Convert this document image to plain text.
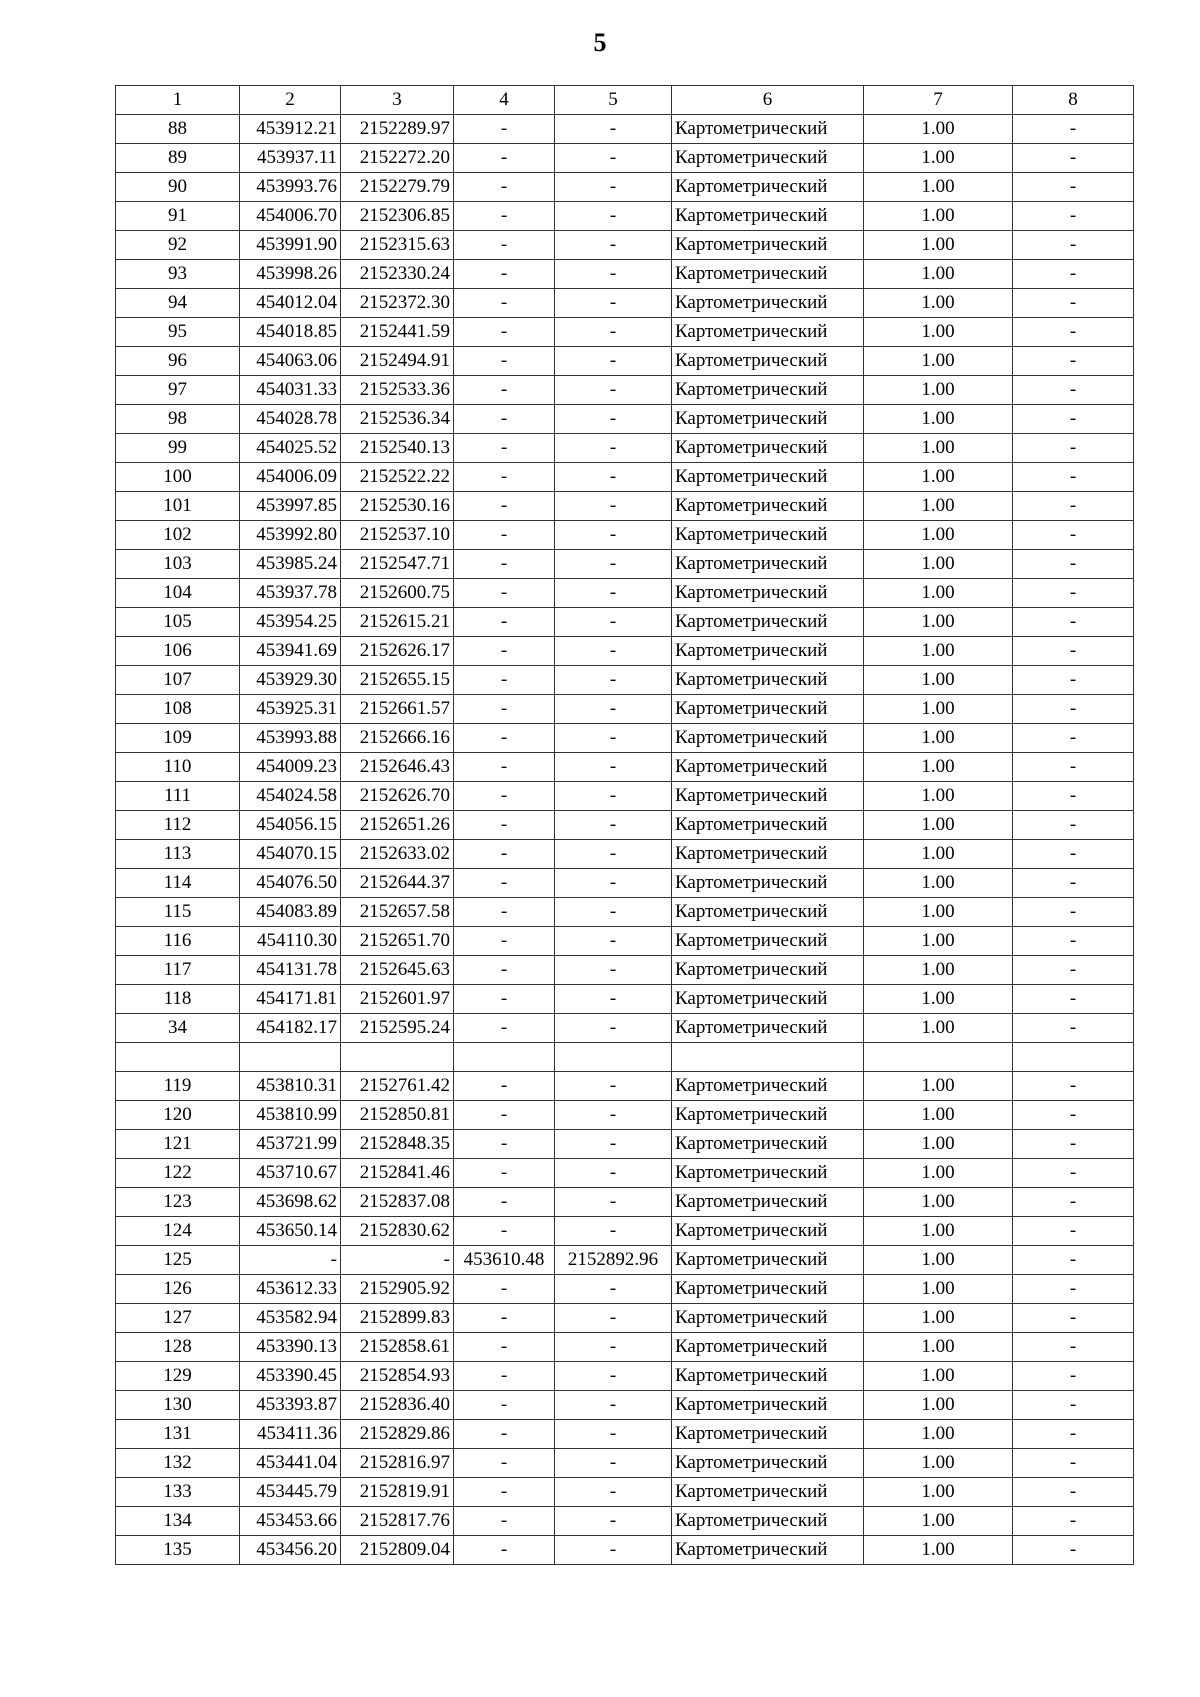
5
1	2	3	4	5	6	7	8
88	453912.21	2152289.97	-	-	Картометрический	1.00	-
89	453937.11	2152272.20	-	-	Картометрический	1.00	-
90	453993.76	2152279.79	-	-	Картометрический	1.00	-
91	454006.70	2152306.85	-	-	Картометрический	1.00	-
92	453991.90	2152315.63	-	-	Картометрический	1.00	-
93	453998.26	2152330.24	-	-	Картометрический	1.00	-
94	454012.04	2152372.30	-	-	Картометрический	1.00	-
95	454018.85	2152441.59	-	-	Картометрический	1.00	-
96	454063.06	2152494.91	-	-	Картометрический	1.00	-
97	454031.33	2152533.36	-	-	Картометрический	1.00	-
98	454028.78	2152536.34	-	-	Картометрический	1.00	-
99	454025.52	2152540.13	-	-	Картометрический	1.00	-
100	454006.09	2152522.22	-	-	Картометрический	1.00	-
101	453997.85	2152530.16	-	-	Картометрический	1.00	-
102	453992.80	2152537.10	-	-	Картометрический	1.00	-
103	453985.24	2152547.71	-	-	Картометрический	1.00	-
104	453937.78	2152600.75	-	-	Картометрический	1.00	-
105	453954.25	2152615.21	-	-	Картометрический	1.00	-
106	453941.69	2152626.17	-	-	Картометрический	1.00	-
107	453929.30	2152655.15	-	-	Картометрический	1.00	-
108	453925.31	2152661.57	-	-	Картометрический	1.00	-
109	453993.88	2152666.16	-	-	Картометрический	1.00	-
110	454009.23	2152646.43	-	-	Картометрический	1.00	-
111	454024.58	2152626.70	-	-	Картометрический	1.00	-
112	454056.15	2152651.26	-	-	Картометрический	1.00	-
113	454070.15	2152633.02	-	-	Картометрический	1.00	-
114	454076.50	2152644.37	-	-	Картометрический	1.00	-
115	454083.89	2152657.58	-	-	Картометрический	1.00	-
116	454110.30	2152651.70	-	-	Картометрический	1.00	-
117	454131.78	2152645.63	-	-	Картометрический	1.00	-
118	454171.81	2152601.97	-	-	Картометрический	1.00	-
34	454182.17	2152595.24	-	-	Картометрический	1.00	-

119	453810.31	2152761.42	-	-	Картометрический	1.00	-
120	453810.99	2152850.81	-	-	Картометрический	1.00	-
121	453721.99	2152848.35	-	-	Картометрический	1.00	-
122	453710.67	2152841.46	-	-	Картометрический	1.00	-
123	453698.62	2152837.08	-	-	Картометрический	1.00	-
124	453650.14	2152830.62	-	-	Картометрический	1.00	-
125	-	-	453610.48	2152892.96	Картометрический	1.00	-
126	453612.33	2152905.92	-	-	Картометрический	1.00	-
127	453582.94	2152899.83	-	-	Картометрический	1.00	-
128	453390.13	2152858.61	-	-	Картометрический	1.00	-
129	453390.45	2152854.93	-	-	Картометрический	1.00	-
130	453393.87	2152836.40	-	-	Картометрический	1.00	-
131	453411.36	2152829.86	-	-	Картометрический	1.00	-
132	453441.04	2152816.97	-	-	Картометрический	1.00	-
133	453445.79	2152819.91	-	-	Картометрический	1.00	-
134	453453.66	2152817.76	-	-	Картометрический	1.00	-
135	453456.20	2152809.04	-	-	Картометрический	1.00	-
